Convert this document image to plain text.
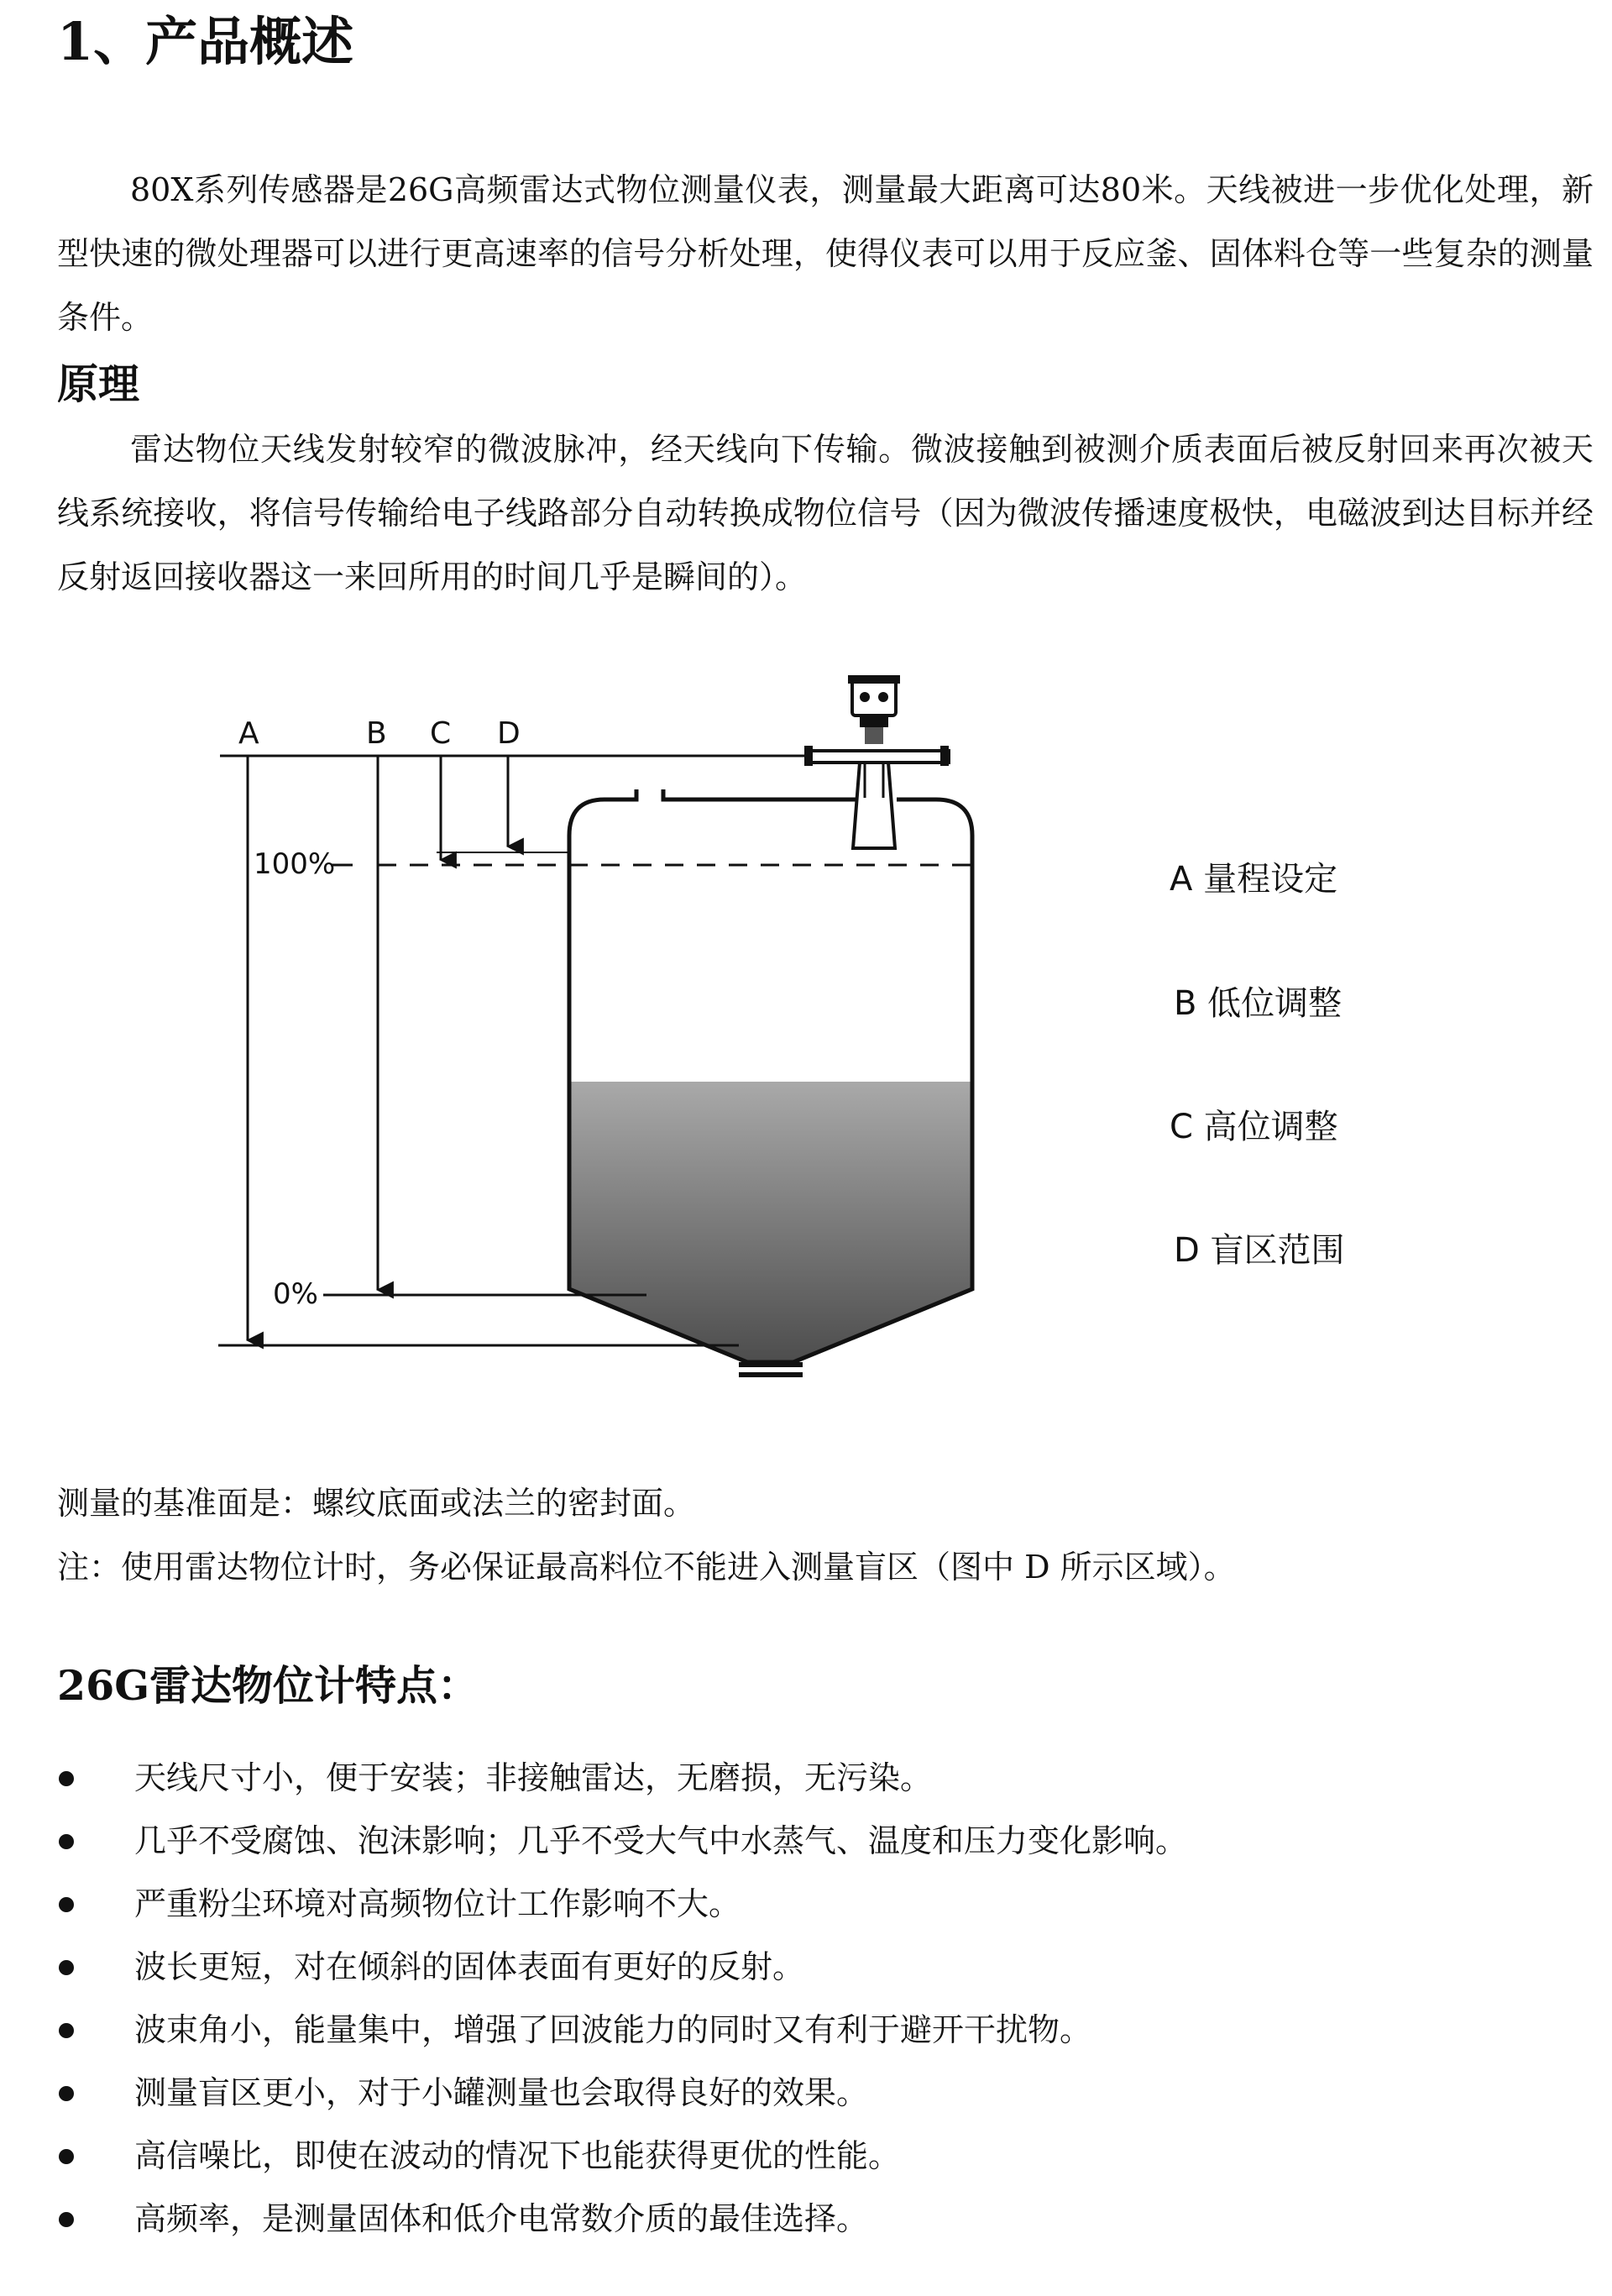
1、产品概述

80X系列传感器是26G高频雷达式物位测量仪表，测量最大距离可达80米。天线被进一步优化处理，新型快速的微处理器可以进行更高速率的信号分析处理，使得仪表可以用于反应釜、固体料仓等一些复杂的测量条件。

原理

雷达物位天线发射较窄的微波脉冲，经天线向下传输。微波接触到被测介质表面后被反射回来再次被天线系统接收，将信号传输给电子线路部分自动转换成物位信号（因为微波传播速度极快，电磁波到达目标并经反射返回接收器这一来回所用的时间几乎是瞬间的）。

A	B C D
100%
0%
A 量程设定
B 低位调整
C 高位调整
D 盲区范围

测量的基准面是：螺纹底面或法兰的密封面。

注：使用雷达物位计时，务必保证最高料位不能进入测量盲区（图中 D 所示区域）。

26G雷达物位计特点：
天线尺寸小，便于安装；非接触雷达，无磨损，无污染。
几乎不受腐蚀、泡沫影响；几乎不受大气中水蒸气、温度和压力变化影响。
严重粉尘环境对高频物位计工作影响不大。
波长更短，对在倾斜的固体表面有更好的反射。
波束角小，能量集中，增强了回波能力的同时又有利于避开干扰物。
测量盲区更小，对于小罐测量也会取得良好的效果。
高信噪比，即使在波动的情况下也能获得更优的性能。
高频率，是测量固体和低介电常数介质的最佳选择。
